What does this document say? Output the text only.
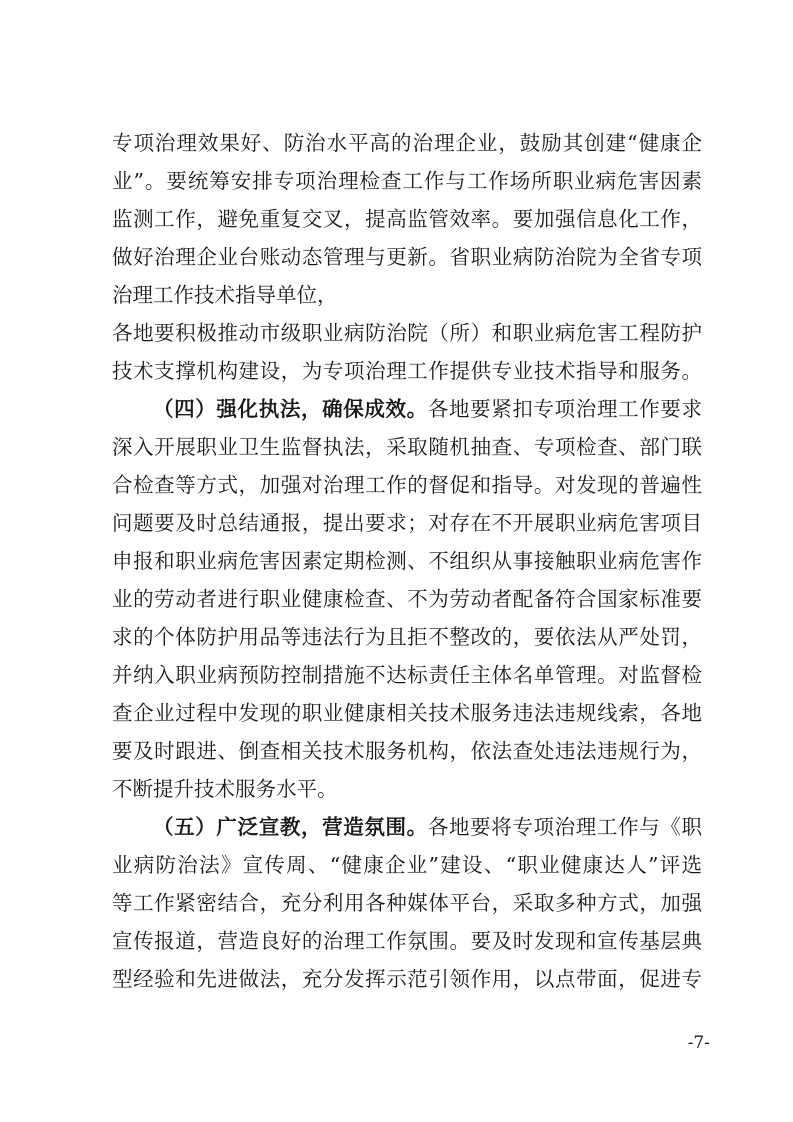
专项治理效果好、防治水平高的治理企业，鼓励其创建“健康企
业”。要统筹安排专项治理检查工作与工作场所职业病危害因素
监测工作，避免重复交叉，提高监管效率。要加强信息化工作，
做好治理企业台账动态管理与更新。省职业病防治院为全省专项
治理工作技术指导单位，
各地要积极推动市级职业病防治院（所）和职业病危害工程防护
技术支撑机构建设，为专项治理工作提供专业技术指导和服务。
（四）强化执法，确保成效。各地要紧扣专项治理工作要求
深入开展职业卫生监督执法，采取随机抽查、专项检查、部门联
合检查等方式，加强对治理工作的督促和指导。对发现的普遍性
问题要及时总结通报，提出要求；对存在不开展职业病危害项目
申报和职业病危害因素定期检测、不组织从事接触职业病危害作
业的劳动者进行职业健康检查、不为劳动者配备符合国家标准要
求的个体防护用品等违法行为且拒不整改的，要依法从严处罚，
并纳入职业病预防控制措施不达标责任主体名单管理。对监督检
查企业过程中发现的职业健康相关技术服务违法违规线索，各地
要及时跟进、倒查相关技术服务机构，依法查处违法违规行为，
不断提升技术服务水平。
（五）广泛宣教，营造氛围。各地要将专项治理工作与《职
业病防治法》宣传周、“健康企业”建设、“职业健康达人”评选
等工作紧密结合，充分利用各种媒体平台，采取多种方式，加强
宣传报道，营造良好的治理工作氛围。要及时发现和宣传基层典
型经验和先进做法，充分发挥示范引领作用，以点带面，促进专
-7-
